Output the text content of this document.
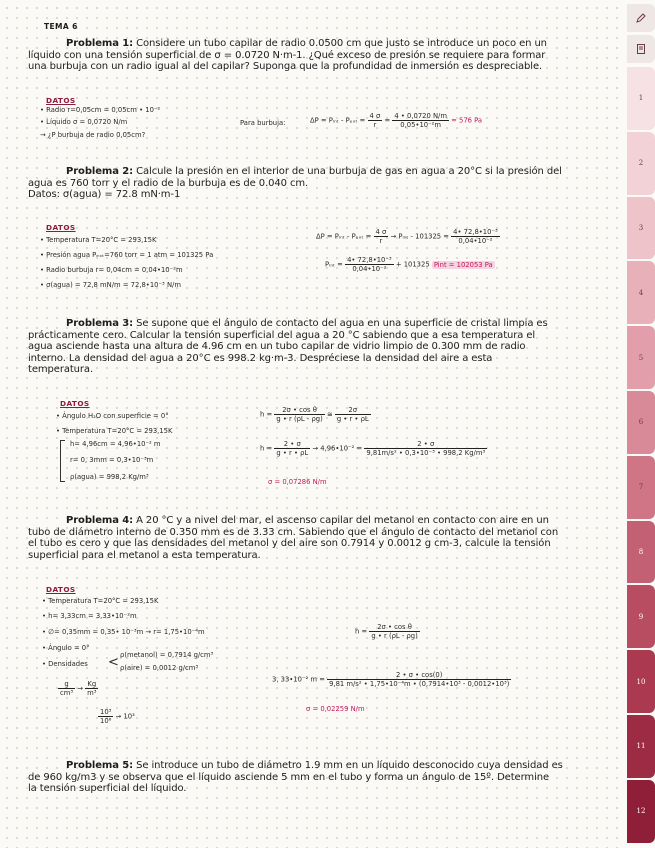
TEMA 6
Problema 1: Considere un tubo capilar de radio 0.0500 cm que justo se introduce un poco en un
líquido con una tensión superficial de σ = 0.0720 N·m-1. ¿Qué exceso de presión se requiere para formar
una burbuja con un radio igual al del capilar? Suponga que la profundidad de inmersión es despreciable.
DATOS
• Radio r=0,05cm = 0,05cm • 10⁻²
• Líquido σ = 0,0720 N/m
→ ¿P burbuja de radio 0,05cm?
Para burbuja:	ΔP = Pᵢₙₜ - $P_{ext} = \frac{4 \sigma}{r} = \frac{4 • 0,0720 N/m}{\text{0,05•10⁻²m}} = 576$ Pa
Problema 2: Calcule la presión en el interior de una burbuja de gas en agua a 20°C si la presión del
agua es 760 torr y el radio de la burbuja es de 0.040 cm.
Datos: σ(agua) = 72.8 mN·m-1
DATOS
• Temperatura T=20°C = 293,15K
• Presión agua Pₑₓₜ=760 torr = 1 atm = 101325 Pa
• Radio burbuja r= 0,04cm = 0,04•10⁻²m
• σ(agua) = 72,8 mN/m = 72,8•10⁻³ N/m
ΔP = Pᵢₙₜ - $P_{ext} = \frac{4 \sigma}{r}$ → Pᵢₙₜ - $101325 = \frac{\text{4• 72,8•10⁻³}}{\text{0,04•10⁻²}}$
Pᵢₙₜ = $\frac{\text{4• 72,8•10⁻³}}{\text{0,04•10⁻²}} + 101325$ Pint = 102053 Pa
Problema 3: Se supone que el ángulo de contacto del agua en una superficie de cristal limpia es
prácticamente cero. Calcular la tensión superficial del agua a 20 °C sabiendo que a esa temperatura el
agua asciende hasta una altura de 4.96 cm en un tubo capilar de vidrio limpio de 0.300 mm de radio
interno. La densidad del agua a 20°C es 998.2 kg·m-3. Despréciese la densidad del aire a esta
temperatura.
DATOS
• Ángulo H₂O con superficie = 0°
• Temperatura T=20°C = 293,15K
h= 4,96cm = 4,96•10⁻² m
r= 0, 3mm = 0,3•10⁻³m
ρ(agua) = 998,2 Kg/m³
$h = \frac{\text{2σ • cos θ}}{g • r (\rho L - \rho g)}$ ≅ $\frac{2\sigma}{g • r • \rho L}$
$h = \frac{2 • \sigma}{g • r • \rho L}$ → 4,96•10⁻² = $\frac{2 • \sigma}{\text{9,81m/s² • 0,3•10⁻³ • 998,2 Kg/m³}}$
σ = 0,07286 N/m
Problema 4: A 20 °C y a nivel del mar, el ascenso capilar del metanol en contacto con aire en un
tubo de diámetro interno de 0.350 mm es de 3.33 cm. Sabiendo que el ángulo de contacto del metanol con
el tubo es cero y que las densidades del metanol y del aire son 0.7914 y 0.0012 g cm-3, calcule la tensión
superficial para el metanol a esta temperatura.
DATOS
• Temperatura T=20°C = 293,15K
• h= 3,33cm = 3,33•10⁻²m
• ∅= 0,35mm = 0,35• 10⁻³m → r= 1,75•10⁻⁴m
• Ángulo = 0°
• Densidades < ρ(metanol) = 0,7914 g/cm³
ρ(aire) = 0,0012 g/cm³
$\frac{g}{\text{cm³}} \to \frac{Kg}{\text{m³}}$
$\frac{\text{10³}}{\text{10⁶}} \to 10^3$
$h = \frac{\text{2σ • cos θ}}{g • r (\rho L - \rho g)}$
3, 33•10⁻² $m = \frac{2 • \sigma • \cos(0)}{\text{9,81 m/s² • 1,75•10⁻⁴m • (0,7914•10³ - 0,0012•10³)}}$
σ = 0,02259 N/m
Problema 5: Se introduce un tubo de diámetro 1.9 mm en un líquido desconocido cuya densidad es
de 960 kg/m3 y se observa que el líquido asciende 5 mm en el tubo y forma un ángulo de 15º. Determine
la tensión superficial del líquido.
1
2
3
4
5
6
7
8
9
10
11
12
